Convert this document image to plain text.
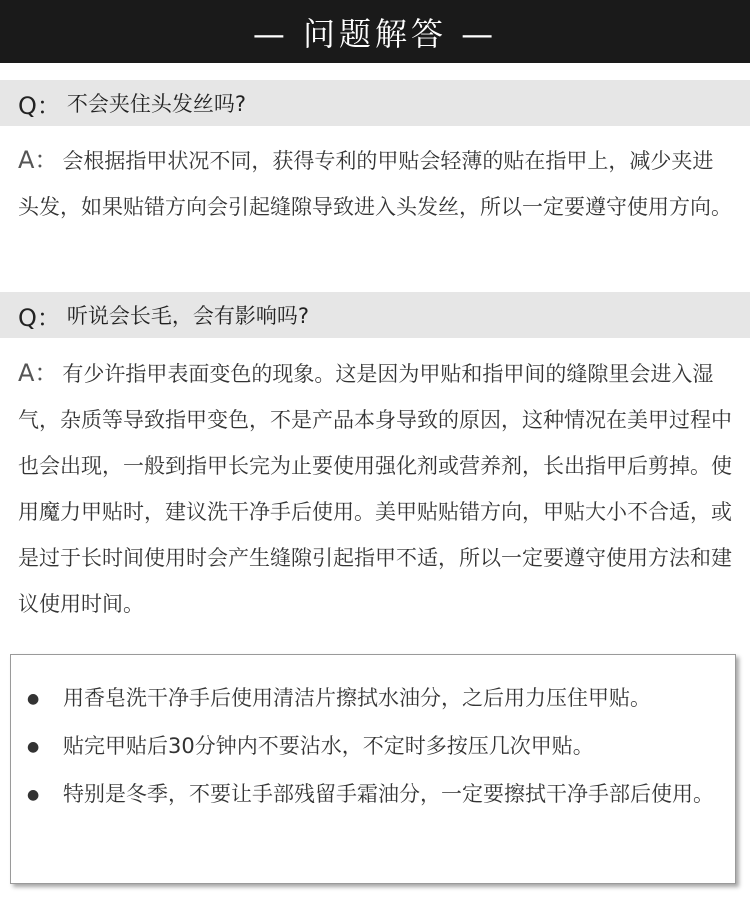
— 问题解答 —
Q： 不会夹住头发丝吗?
A： 会根据指甲状况不同，获得专利的甲贴会轻薄的贴在指甲上，减少夹进头发，如果贴错方向会引起缝隙导致进入头发丝，所以一定要遵守使用方向。
Q： 听说会长毛，会有影响吗?
A： 有少许指甲表面变色的现象。这是因为甲贴和指甲间的缝隙里会进入湿气，杂质等导致指甲变色，不是产品本身导致的原因，这种情况在美甲过程中也会出现，一般到指甲长完为止要使用强化剂或营养剂，长出指甲后剪掉。使用魔力甲贴时，建议洗干净手后使用。美甲贴贴错方向，甲贴大小不合适，或是过于长时间使用时会产生缝隙引起指甲不适，所以一定要遵守使用方法和建议使用时间。
● 用香皂洗干净手后使用清洁片擦拭水油分，之后用力压住甲贴。
● 贴完甲贴后30分钟内不要沾水，不定时多按压几次甲贴。
● 特别是冬季，不要让手部残留手霜油分，一定要擦拭干净手部后使用。
